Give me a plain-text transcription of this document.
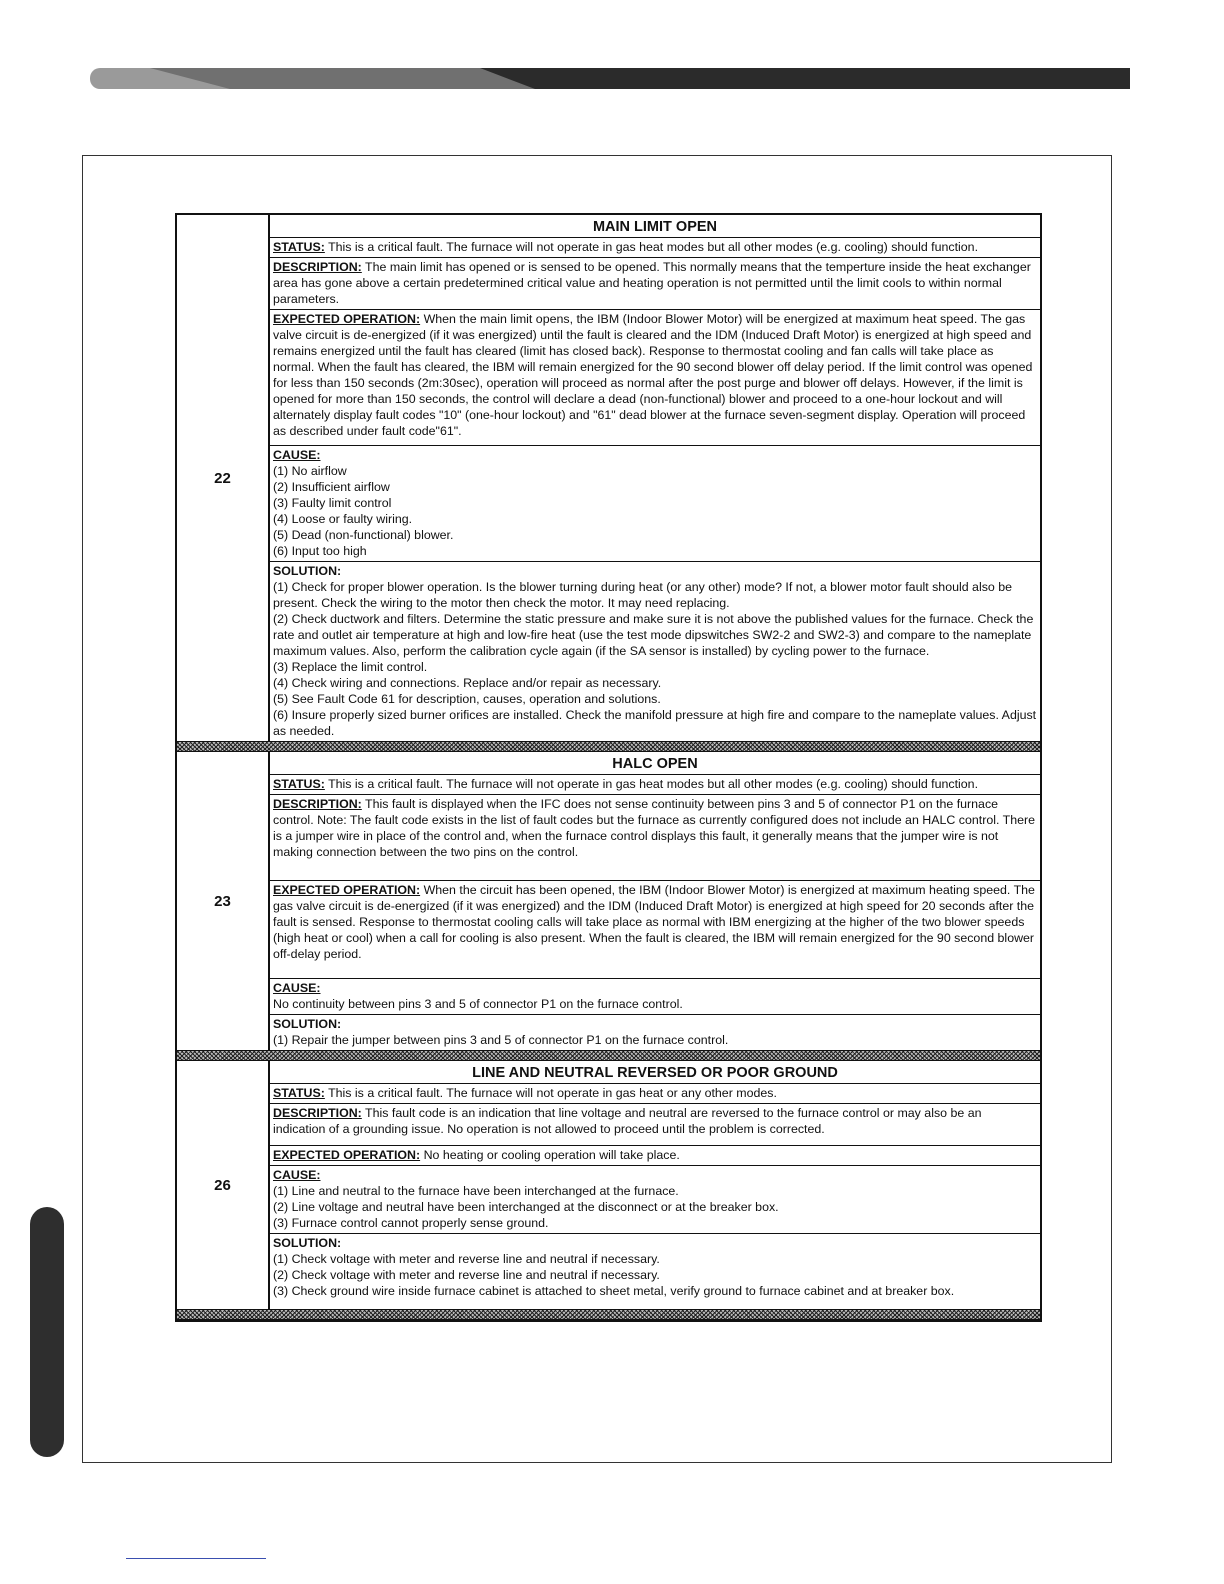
22
MAIN LIMIT OPEN
STATUS: This is a critical fault. The furnace will not operate in gas heat modes but all other modes (e.g. cooling) should function.
DESCRIPTION: The main limit has opened or is sensed to be opened. This normally means that the temperture inside the heat exchanger area has gone above a certain predetermined critical value and heating operation is not permitted until the limit cools to within normal parameters.
EXPECTED OPERATION: When the main limit opens, the IBM (Indoor Blower Motor) will be energized at maximum heat speed. The gas valve circuit is de-energized (if it was energized) until the fault is cleared and the IDM (Induced Draft Motor) is energized at high speed and remains energized until the fault has cleared (limit has closed back). Response to thermostat cooling and fan calls will take place as normal. When the fault has cleared, the IBM will remain energized for the 90 second blower off delay period. If the limit control was opened for less than 150 seconds (2m:30sec), operation will proceed as normal after the post purge and blower off delays. However, if the limit is opened for more than 150 seconds, the control will declare a dead (non-functional) blower and proceed to a one-hour lockout and will alternately display fault codes "10" (one-hour lockout) and "61" dead blower at the furnace seven-segment display. Operation will proceed as described under fault code"61".
CAUSE:
(1) No airflow
(2) Insufficient airflow
(3) Faulty limit control
(4) Loose or faulty wiring.
(5) Dead (non-functional) blower.
(6) Input too high
SOLUTION:
(1) Check for proper blower operation. Is the blower turning during heat (or any other) mode? If not, a blower motor fault should also be present. Check the wiring to the motor then check the motor. It may need replacing.
(2) Check ductwork and filters. Determine the static pressure and make sure it is not above the published values for the furnace. Check the rate and outlet air temperature at high and low-fire heat (use the test mode dipswitches SW2-2 and SW2-3) and compare to the nameplate maximum values. Also, perform the calibration cycle again (if the SA sensor is installed) by cycling power to the furnace.
(3) Replace the limit control.
(4) Check wiring and connections. Replace and/or repair as necessary.
(5) See Fault Code 61 for description, causes, operation and solutions.
(6) Insure properly sized burner orifices are installed. Check the manifold pressure at high fire and compare to the nameplate values. Adjust as needed.
23
HALC OPEN
STATUS: This is a critical fault. The furnace will not operate in gas heat modes but all other modes (e.g. cooling) should function.
DESCRIPTION: This fault is displayed when the IFC does not sense continuity between pins 3 and 5 of connector P1 on the furnace control. Note: The fault code exists in the list of fault codes but the furnace as currently configured does not include an HALC control. There is a jumper wire in place of the control and, when the furnace control displays this fault, it generally means that the jumper wire is not making connection between the two pins on the control.
EXPECTED OPERATION: When the circuit has been opened, the IBM (Indoor Blower Motor) is energized at maximum heating speed. The gas valve circuit is de-energized (if it was energized) and the IDM (Induced Draft Motor) is energized at high speed for 20 seconds after the fault is sensed. Response to thermostat cooling calls will take place as normal with IBM energizing at the higher of the two blower speeds (high heat or cool) when a call for cooling is also present. When the fault is cleared, the IBM will remain energized for the 90 second blower off-delay period.
CAUSE:
No continuity between pins 3 and 5 of connector P1 on the furnace control.
SOLUTION:
(1) Repair the jumper between pins 3 and 5 of connector P1 on the furnace control.
26
LINE AND NEUTRAL REVERSED OR POOR GROUND
STATUS: This is a critical fault. The furnace will not operate in gas heat or any other modes.
DESCRIPTION: This fault code is an indication that line voltage and neutral are reversed to the furnace control or may also be an indication of a grounding issue. No operation is not allowed to proceed until the problem is corrected.
EXPECTED OPERATION: No heating or cooling operation will take place.
CAUSE:
(1) Line and neutral to the furnace have been interchanged at the furnace.
(2) Line voltage and neutral have been interchanged at the disconnect or at the breaker box.
(3) Furnace control cannot properly sense ground.
SOLUTION:
(1) Check voltage with meter and reverse line and neutral if necessary.
(2) Check voltage with meter and reverse line and neutral if necessary.
(3) Check ground wire inside furnace cabinet is attached to sheet metal, verify ground to furnace cabinet and at breaker box.
